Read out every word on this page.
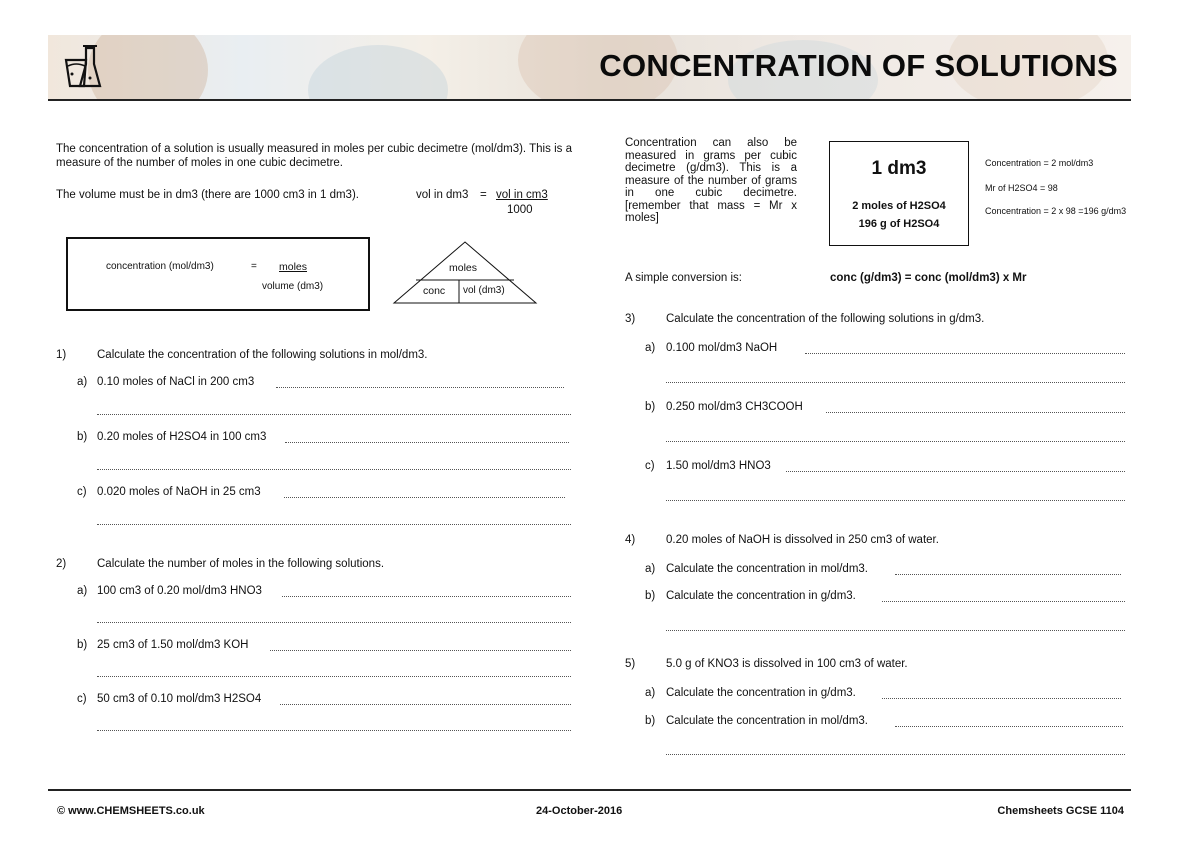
CONCENTRATION OF SOLUTIONS
The concentration of a solution is usually measured in moles per cubic decimetre (mol/dm3). This is a measure of the number of moles in one cubic decimetre.
The volume must be in dm3 (there are 1000 cm3 in 1 dm3).	vol in dm3 = vol in cm3
1000
concentration (mol/dm3)	= moles
volume (dm3)
moles
conc vol (dm3)
1)	Calculate the concentration of the following solutions in mol/dm3.
a) 0.10 moles of NaCl in 200 cm3
b) 0.20 moles of H2SO4 in 100 cm3
c) 0.020 moles of NaOH in 25 cm3
2)	Calculate the number of moles in the following solutions.
a) 100 cm3 of 0.20 mol/dm3 HNO3
b) 25 cm3 of 1.50 mol/dm3 KOH
c) 50 cm3 of 0.10 mol/dm3 H2SO4
Concentration can also be measured in grams per cubic decimetre (g/dm3). This is a measure of the number of grams in one cubic decimetre. [remember that mass = Mr x moles]
1 dm3
2 moles of H2SO4
196 g of H2SO4
Concentration = 2 mol/dm3
Mr of H2SO4 = 98
Concentration = 2 x 98 =196 g/dm3
A simple conversion is:	conc (g/dm3) = conc (mol/dm3) x Mr
3)	Calculate the concentration of the following solutions in g/dm3.
a) 0.100 mol/dm3 NaOH
b) 0.250 mol/dm3 CH3COOH
c) 1.50 mol/dm3 HNO3
4)	0.20 moles of NaOH is dissolved in 250 cm3 of water.
a) Calculate the concentration in mol/dm3.
b) Calculate the concentration in g/dm3.
5)	5.0 g of KNO3 is dissolved in 100 cm3 of water.
a) Calculate the concentration in g/dm3.
b) Calculate the concentration in mol/dm3.
© www.CHEMSHEETS.co.uk	24-October-2016	Chemsheets GCSE 1104
